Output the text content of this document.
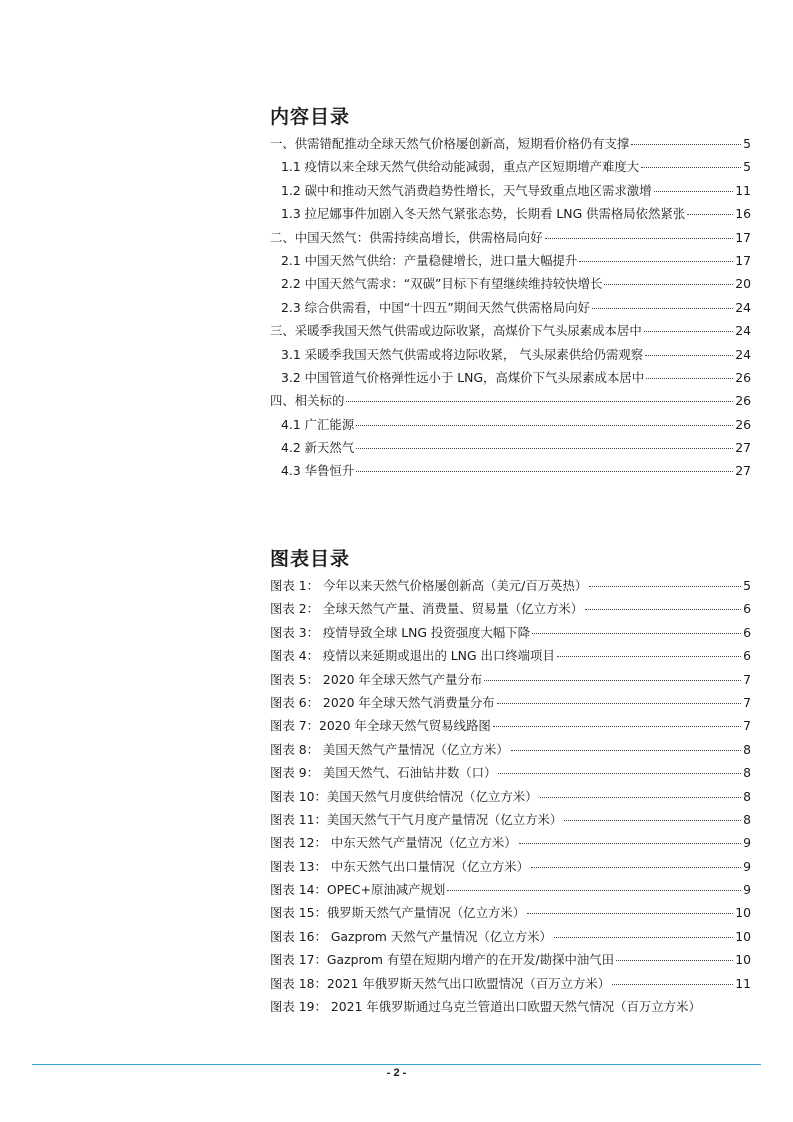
内容目录
一、供需错配推动全球天然气价格屡创新高，短期看价格仍有支撑	5
1.1 疫情以来全球天然气供给动能减弱，重点产区短期增产难度大	5
1.2 碳中和推动天然气消费趋势性增长，天气导致重点地区需求激增	11
1.3 拉尼娜事件加剧入冬天然气紧张态势，长期看 LNG 供需格局依然紧张	16
二、中国天然气：供需持续高增长，供需格局向好	17
2.1 中国天然气供给：产量稳健增长，进口量大幅提升	17
2.2 中国天然气需求：“双碳”目标下有望继续维持较快增长	20
2.3 综合供需看，中国“十四五”期间天然气供需格局向好	24
三、采暖季我国天然气供需或边际收紧，高煤价下气头尿素成本居中	24
3.1 采暖季我国天然气供需或将边际收紧， 气头尿素供给仍需观察	24
3.2 中国管道气价格弹性远小于 LNG，高煤价下气头尿素成本居中	26
四、相关标的	26
4.1 广汇能源	26
4.2 新天然气	27
4.3 华鲁恒升	27
图表目录
图表 1： 今年以来天然气价格屡创新高（美元/百万英热）	5
图表 2： 全球天然气产量、消费量、贸易量（亿立方米）	6
图表 3： 疫情导致全球 LNG 投资强度大幅下降	6
图表 4： 疫情以来延期或退出的 LNG 出口终端项目	6
图表 5： 2020 年全球天然气产量分布	7
图表 6： 2020 年全球天然气消费量分布	7
图表 7：2020 年全球天然气贸易线路图	7
图表 8： 美国天然气产量情况（亿立方米）	8
图表 9： 美国天然气、石油钻井数（口）	8
图表 10：美国天然气月度供给情况（亿立方米）	8
图表 11：美国天然气干气月度产量情况（亿立方米）	8
图表 12： 中东天然气产量情况（亿立方米）	9
图表 13： 中东天然气出口量情况（亿立方米）	9
图表 14：OPEC+原油减产规划	9
图表 15：俄罗斯天然气产量情况（亿立方米）	10
图表 16： Gazprom 天然气产量情况（亿立方米）	10
图表 17：Gazprom 有望在短期内增产的在开发/勘探中油气田	10
图表 18：2021 年俄罗斯天然气出口欧盟情况（百万立方米）	11
图表 19： 2021 年俄罗斯通过乌克兰管道出口欧盟天然气情况（百万立方米）
- 2 -
